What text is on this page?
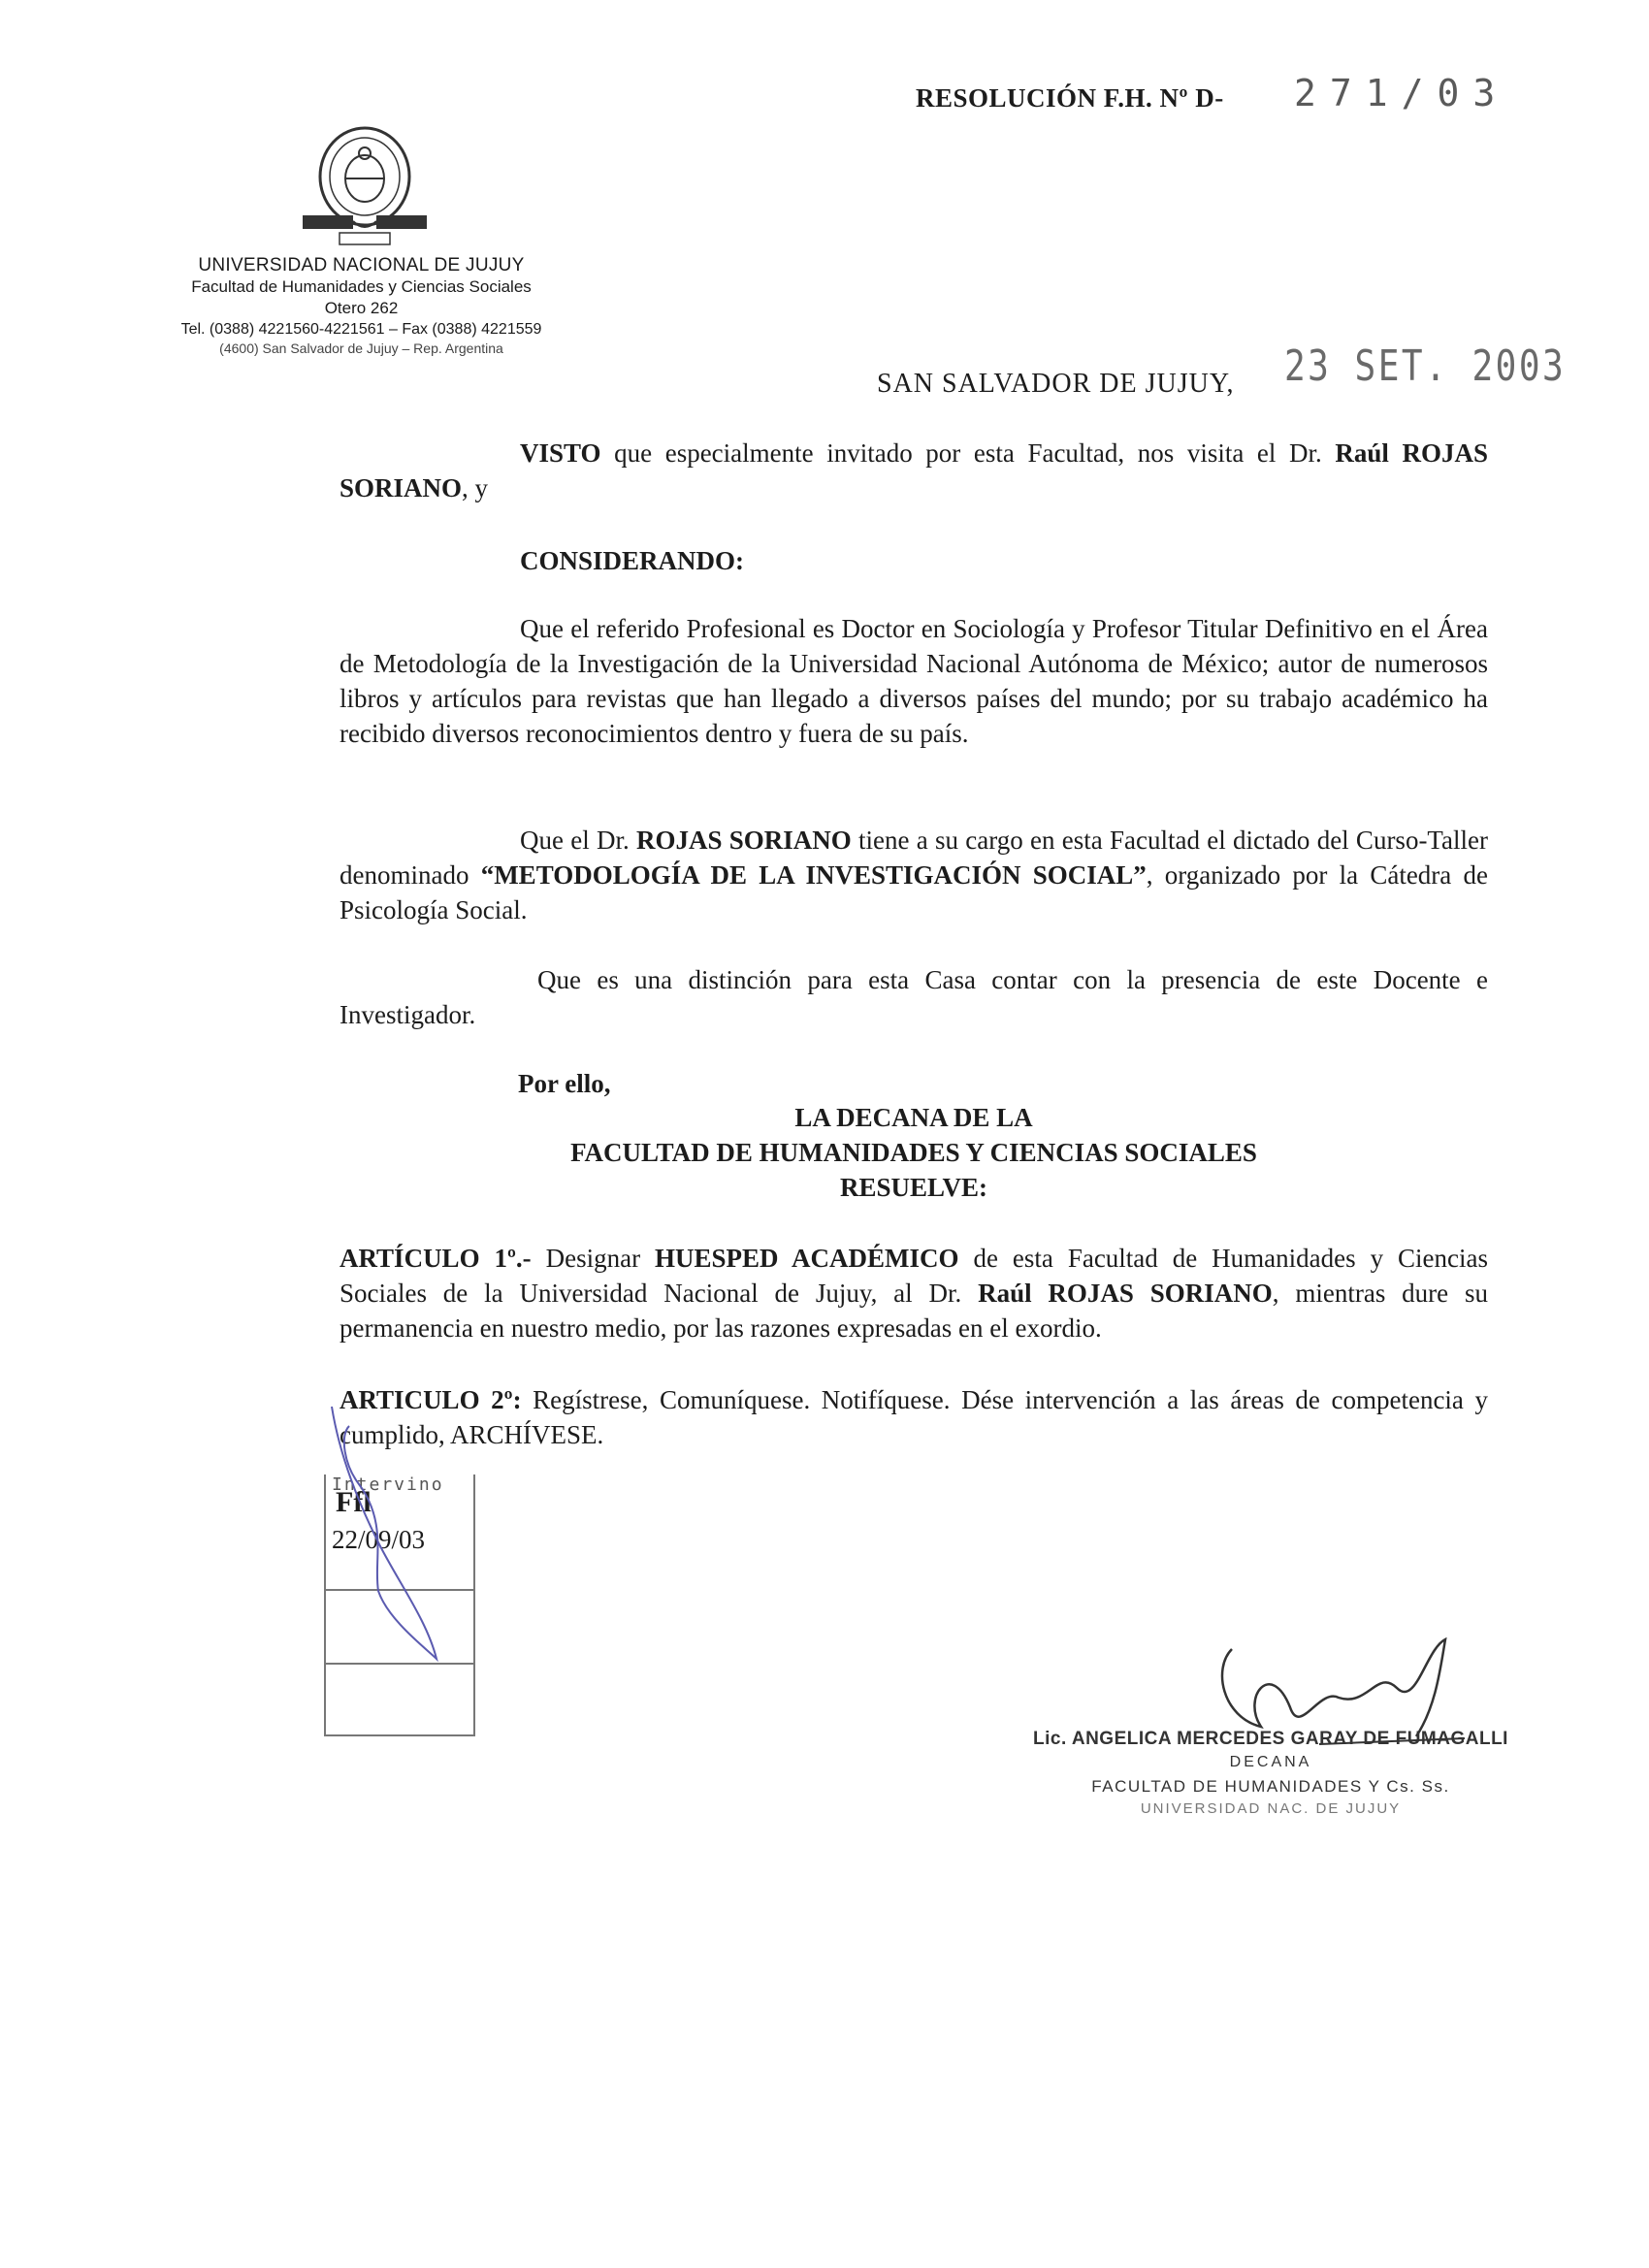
UNIVERSIDAD NACIONAL DE JUJUY
Facultad de Humanidades y Ciencias Sociales
Otero 262
Tel. (0388) 4221560-4221561 – Fax (0388) 4221559
(4600) San Salvador de Jujuy – Rep. Argentina
RESOLUCIÓN F.H. Nº D- 271/03
SAN SALVADOR DE JUJUY, 23 SET. 2003

VISTO que especialmente invitado por esta Facultad, nos visita el Dr. Raúl ROJAS SORIANO, y

CONSIDERANDO:

Que el referido Profesional es Doctor en Sociología y Profesor Titular Definitivo en el Área de Metodología de la Investigación de la Universidad Nacional Autónoma de México; autor de numerosos libros y artículos para revistas que han llegado a diversos países del mundo; por su trabajo académico ha recibido diversos reconocimientos dentro y fuera de su país.

Que el Dr. ROJAS SORIANO tiene a su cargo en esta Facultad el dictado del Curso-Taller denominado “METODOLOGÍA DE LA INVESTIGACIÓN SOCIAL”, organizado por la Cátedra de Psicología Social.

Que es una distinción para esta Casa contar con la presencia de este Docente e Investigador.

Por ello,
LA DECANA DE LA
FACULTAD DE HUMANIDADES Y CIENCIAS SOCIALES
RESUELVE:

ARTÍCULO 1º.- Designar HUESPED ACADÉMICO de esta Facultad de Humanidades y Ciencias Sociales de la Universidad Nacional de Jujuy, al Dr. Raúl ROJAS SORIANO, mientras dure su permanencia en nuestro medio, por las razones expresadas en el exordio.

ARTICULO 2º: Regístrese, Comuníquese. Notifíquese. Dése intervención a las áreas de competencia y cumplido, ARCHÍVESE.

Intervino
Ffl
22/09/03
Lic. ANGELICA MERCEDES GARAY DE FUMAGALLI
DECANA
FACULTAD DE HUMANIDADES Y Cs. Ss.
UNIVERSIDAD NAC. DE JUJUY
